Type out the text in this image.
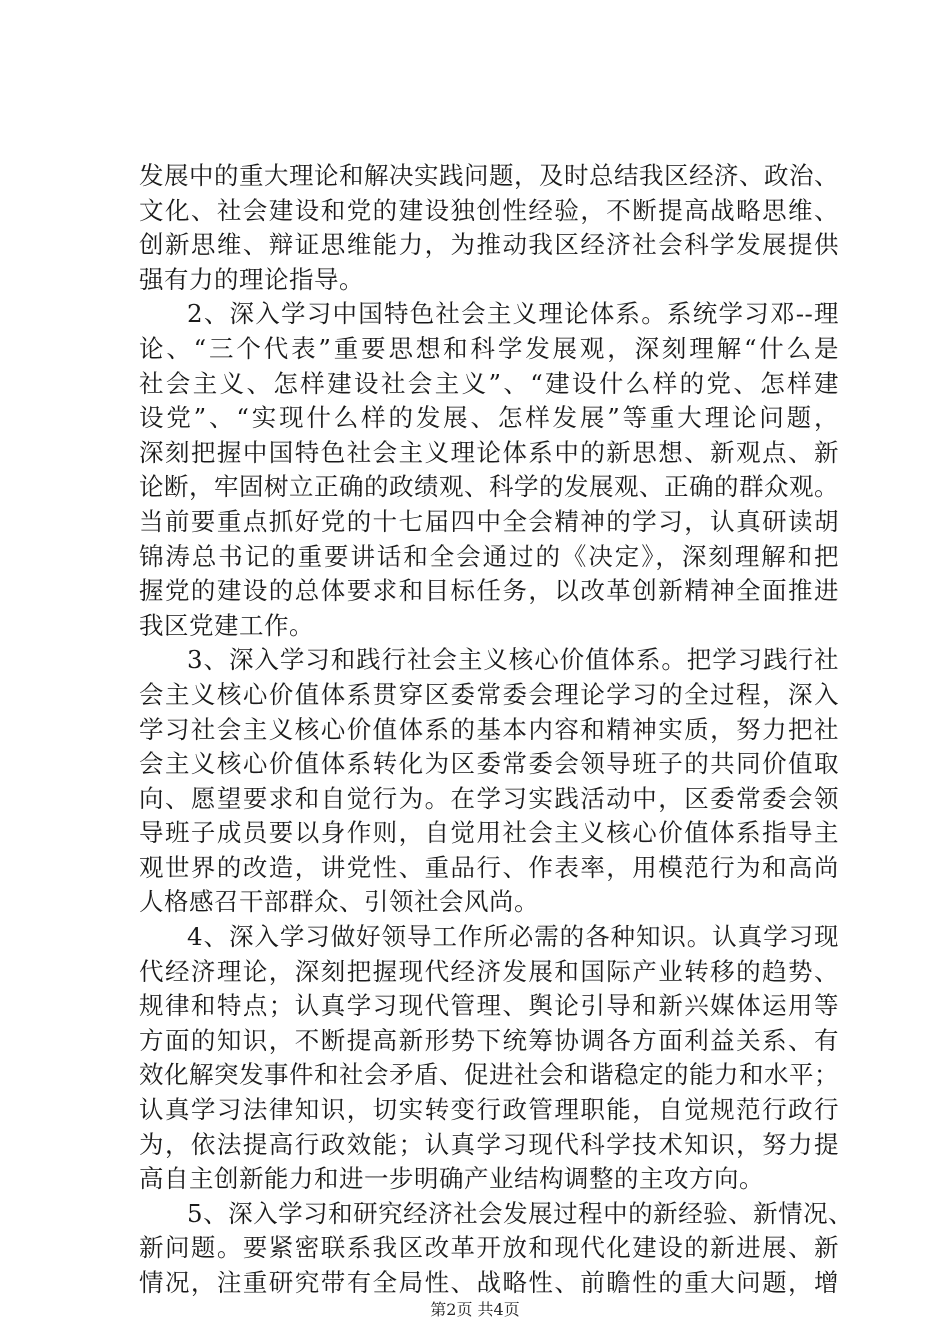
发展中的重大理论和解决实践问题，及时总结我区经济、政治、
文化、社会建设和党的建设独创性经验，不断提高战略思维、
创新思维、辩证思维能力，为推动我区经济社会科学发展提供
强有力的理论指导。
2、深入学习中国特色社会主义理论体系。系统学习邓--理
论、“三个代表”重要思想和科学发展观，深刻理解“什么是
社会主义、怎样建设社会主义”、“建设什么样的党、怎样建
设党”、“实现什么样的发展、怎样发展”等重大理论问题，
深刻把握中国特色社会主义理论体系中的新思想、新观点、新
论断，牢固树立正确的政绩观、科学的发展观、正确的群众观。
当前要重点抓好党的十七届四中全会精神的学习，认真研读胡
锦涛总书记的重要讲话和全会通过的《决定》，深刻理解和把
握党的建设的总体要求和目标任务，以改革创新精神全面推进
我区党建工作。
3、深入学习和践行社会主义核心价值体系。把学习践行社
会主义核心价值体系贯穿区委常委会理论学习的全过程，深入
学习社会主义核心价值体系的基本内容和精神实质，努力把社
会主义核心价值体系转化为区委常委会领导班子的共同价值取
向、愿望要求和自觉行为。在学习实践活动中，区委常委会领
导班子成员要以身作则，自觉用社会主义核心价值体系指导主
观世界的改造，讲党性、重品行、作表率，用模范行为和高尚
人格感召干部群众、引领社会风尚。
4、深入学习做好领导工作所必需的各种知识。认真学习现
代经济理论，深刻把握现代经济发展和国际产业转移的趋势、
规律和特点；认真学习现代管理、舆论引导和新兴媒体运用等
方面的知识，不断提高新形势下统筹协调各方面利益关系、有
效化解突发事件和社会矛盾、促进社会和谐稳定的能力和水平；
认真学习法律知识，切实转变行政管理职能，自觉规范行政行
为，依法提高行政效能；认真学习现代科学技术知识，努力提
高自主创新能力和进一步明确产业结构调整的主攻方向。
5、深入学习和研究经济社会发展过程中的新经验、新情况、
新问题。要紧密联系我区改革开放和现代化建设的新进展、新
情况，注重研究带有全局性、战略性、前瞻性的重大问题，增
第2页 共4页
